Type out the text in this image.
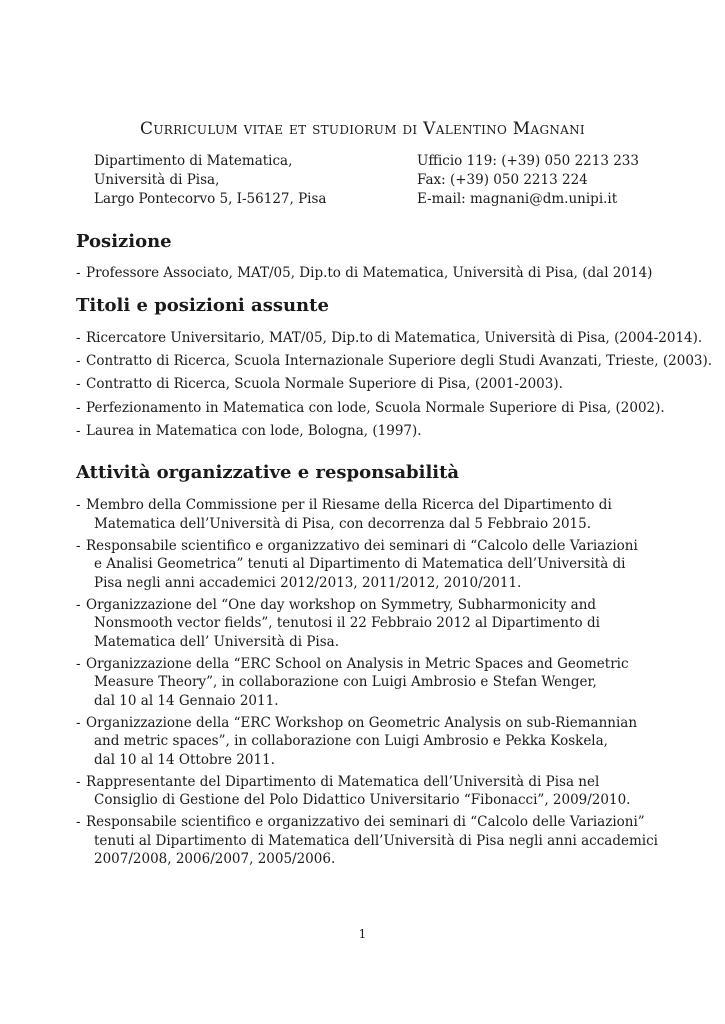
Curriculum vitae et studiorum di Valentino Magnani
Dipartimento di Matematica,
Università di Pisa,
Largo Pontecorvo 5, I-56127, Pisa
Ufficio 119: (+39) 050 2213 233
Fax: (+39) 050 2213 224
E-mail: magnani@dm.unipi.it
Posizione
- Professore Associato, MAT/05, Dip.to di Matematica, Università di Pisa, (dal 2014)
Titoli e posizioni assunte
- Ricercatore Universitario, MAT/05, Dip.to di Matematica, Università di Pisa, (2004-2014).
- Contratto di Ricerca, Scuola Internazionale Superiore degli Studi Avanzati, Trieste, (2003).
- Contratto di Ricerca, Scuola Normale Superiore di Pisa, (2001-2003).
- Perfezionamento in Matematica con lode, Scuola Normale Superiore di Pisa, (2002).
- Laurea in Matematica con lode, Bologna, (1997).
Attività organizzative e responsabilità
- Membro della Commissione per il Riesame della Ricerca del Dipartimento di
Matematica dell’Università di Pisa, con decorrenza dal 5 Febbraio 2015.
- Responsabile scientifico e organizzativo dei seminari di “Calcolo delle Variazioni
e Analisi Geometrica” tenuti al Dipartimento di Matematica dell’Università di
Pisa negli anni accademici 2012/2013, 2011/2012, 2010/2011.
- Organizzazione del “One day workshop on Symmetry, Subharmonicity and
Nonsmooth vector fields”, tenutosi il 22 Febbraio 2012 al Dipartimento di
Matematica dell’ Università di Pisa.
- Organizzazione della “ERC School on Analysis in Metric Spaces and Geometric
Measure Theory”, in collaborazione con Luigi Ambrosio e Stefan Wenger,
dal 10 al 14 Gennaio 2011.
- Organizzazione della “ERC Workshop on Geometric Analysis on sub-Riemannian
and metric spaces”, in collaborazione con Luigi Ambrosio e Pekka Koskela,
dal 10 al 14 Ottobre 2011.
- Rappresentante del Dipartimento di Matematica dell’Università di Pisa nel
Consiglio di Gestione del Polo Didattico Universitario “Fibonacci”, 2009/2010.
- Responsabile scientifico e organizzativo dei seminari di “Calcolo delle Variazioni”
tenuti al Dipartimento di Matematica dell’Università di Pisa negli anni accademici
2007/2008, 2006/2007, 2005/2006.
1
